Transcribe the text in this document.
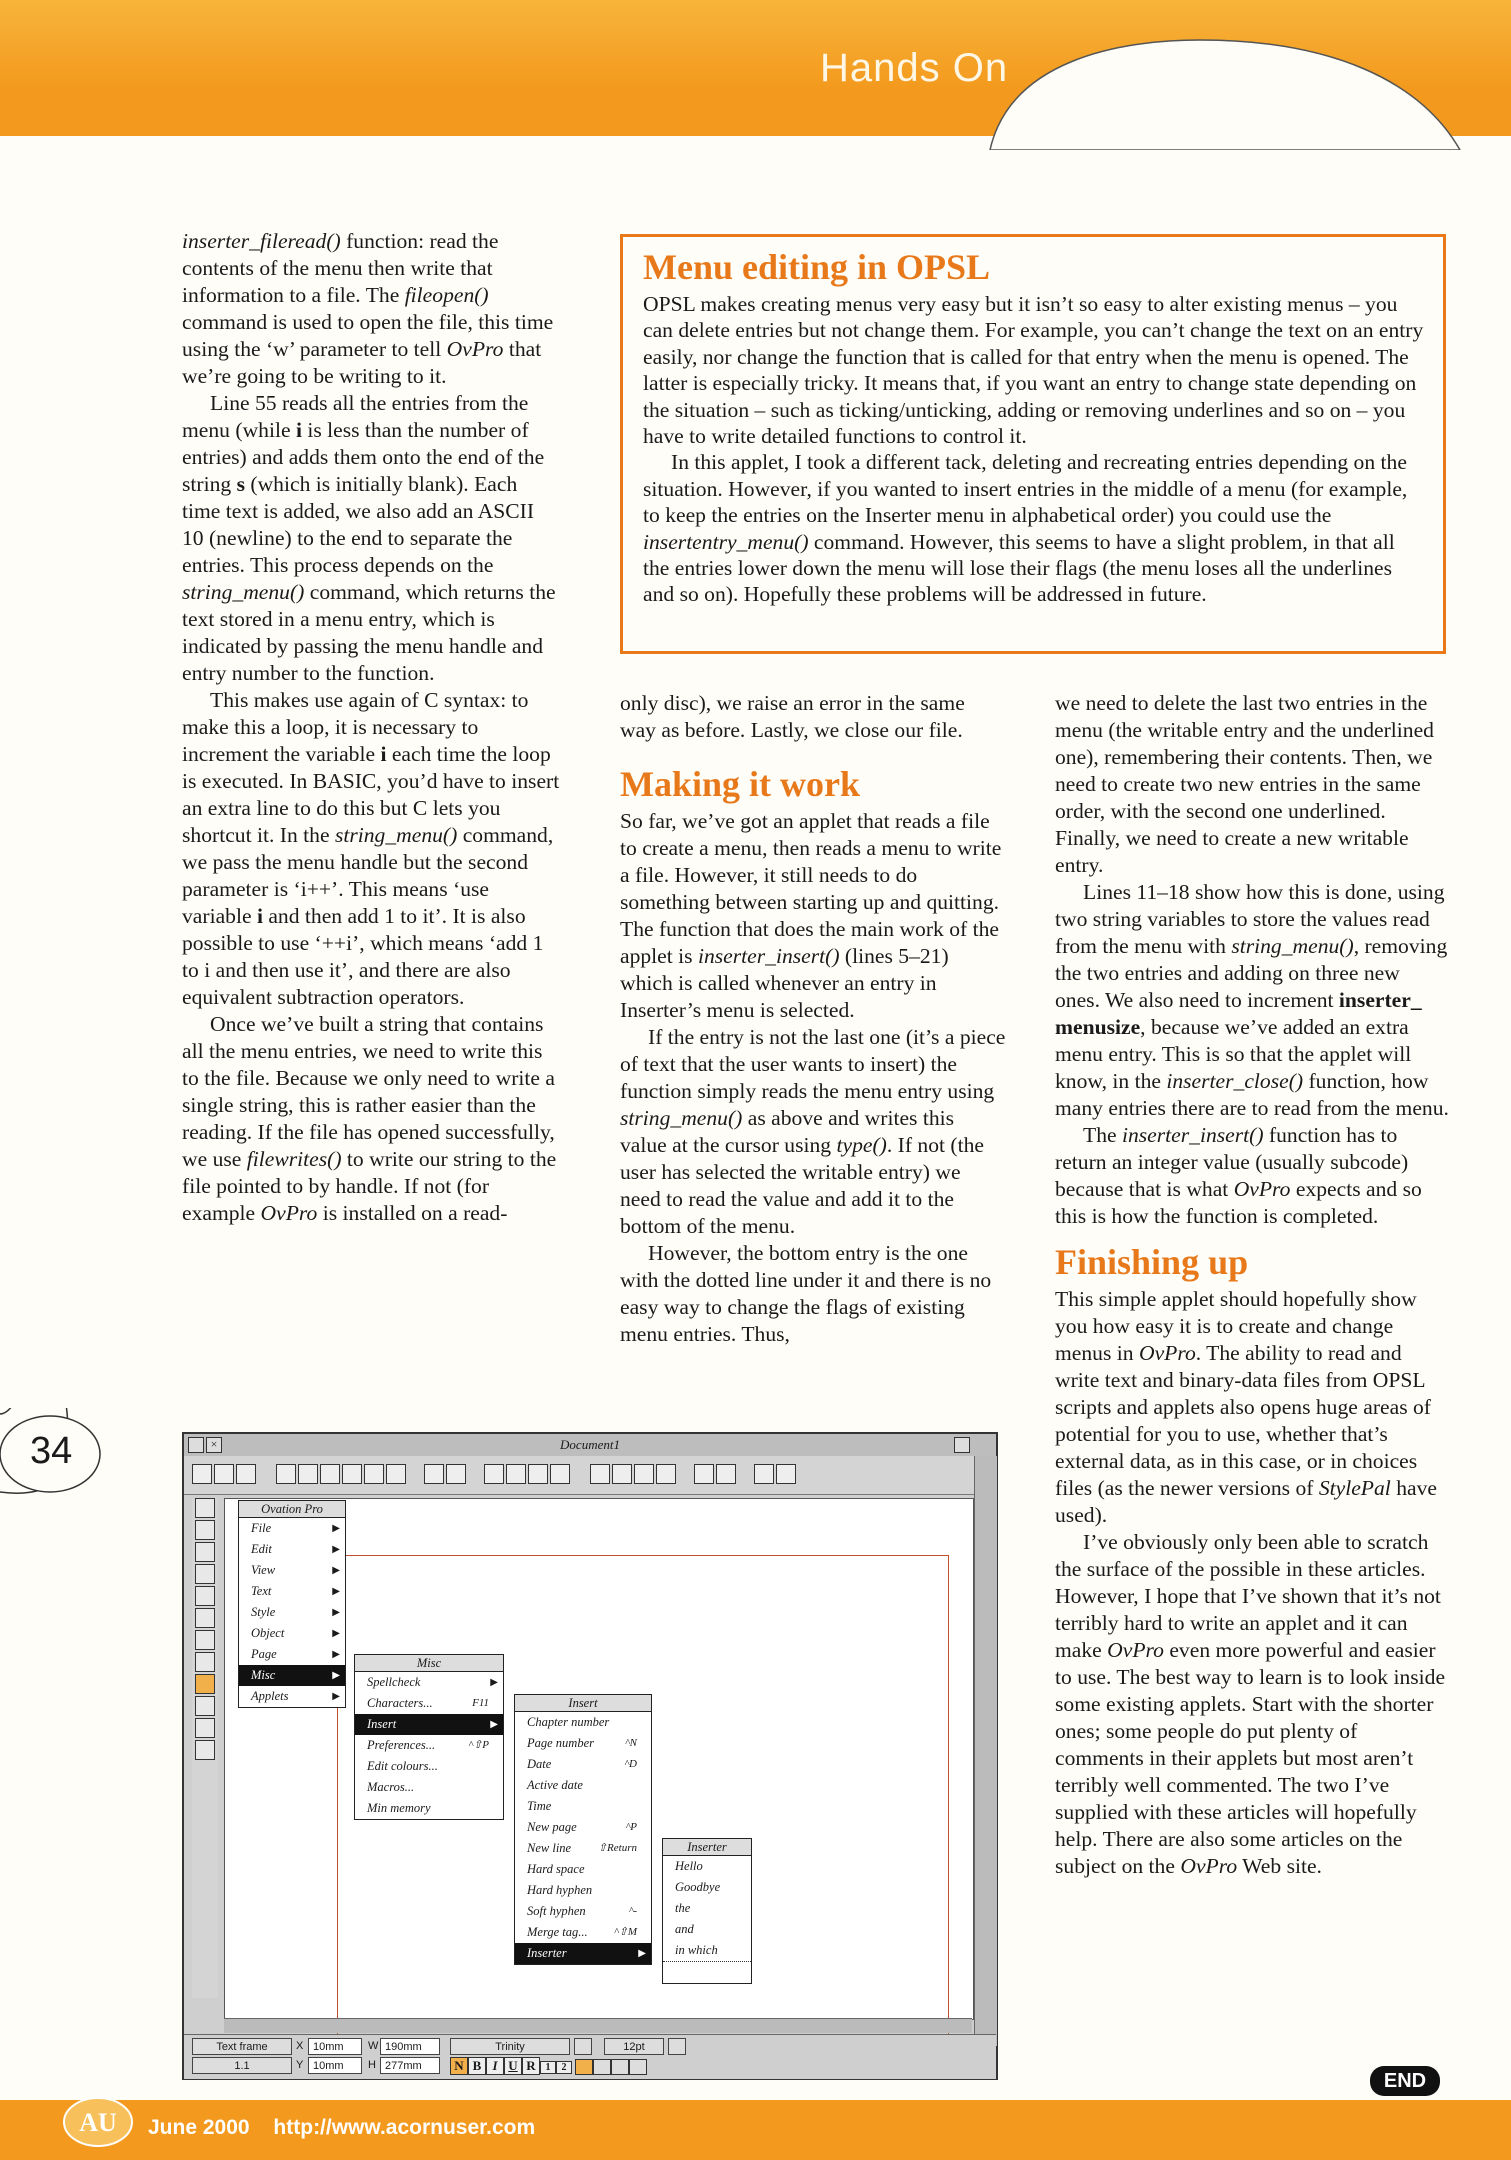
Hands On
34
Menu editing in OPSL

OPSL makes creating menus very easy but it isn’t so easy to alter existing menus – you can delete entries but not change them. For example, you can’t change the text on an entry easily, nor change the function that is called for that entry when the menu is opened. The latter is especially tricky. It means that, if you want an entry to change state depending on the situation – such as ticking/unticking, adding or removing underlines and so on – you have to write detailed functions to control it.

In this applet, I took a different tack, deleting and recreating entries depending on the situation. However, if you wanted to insert entries in the middle of a menu (for example, to keep the entries on the Inserter menu in alphabetical order) you could use the insertentry_menu() command. However, this seems to have a slight problem, in that all the entries lower down the menu will lose their flags (the menu loses all the underlines and so on). Hopefully these problems will be addressed in future.

inserter_fileread() function: read the contents of the menu then write that information to a file. The fileopen() command is used to open the file, this time using the ‘w’ parameter to tell OvPro that we’re going to be writing to it.

Line 55 reads all the entries from the menu (while i is less than the number of entries) and adds them onto the end of the string s (which is initially blank). Each time text is added, we also add an ASCII 10 (newline) to the end to separate the entries. This process depends on the string_menu() command, which returns the text stored in a menu entry, which is indicated by passing the menu handle and entry number to the function.

This makes use again of C syntax: to make this a loop, it is necessary to increment the variable i each time the loop is executed. In BASIC, you’d have to insert an extra line to do this but C lets you shortcut it. In the string_menu() command, we pass the menu handle but the second parameter is ‘i++’. This means ‘use variable i and then add 1 to it’. It is also possible to use ‘++i’, which means ‘add 1 to i and then use it’, and there are also equivalent subtraction operators.

Once we’ve built a string that contains all the menu entries, we need to write this to the file. Because we only need to write a single string, this is rather easier than the reading. If the file has opened successfully, we use filewrites() to write our string to the file pointed to by handle. If not (for example OvPro is installed on a read-

only disc), we raise an error in the same way as before. Lastly, we close our file.

Making it work

So far, we’ve got an applet that reads a file to create a menu, then reads a menu to write a file. However, it still needs to do something between starting up and quitting. The function that does the main work of the applet is inserter_insert() (lines 5–21) which is called whenever an entry in Inserter’s menu is selected.

If the entry is not the last one (it’s a piece of text that the user wants to insert) the function simply reads the menu entry using string_menu() as above and writes this value at the cursor using type(). If not (the user has selected the writable entry) we need to read the value and add it to the bottom of the menu.

However, the bottom entry is the one with the dotted line under it and there is no easy way to change the flags of existing menu entries. Thus,

we need to delete the last two entries in the menu (the writable entry and the underlined one), remembering their contents. Then, we need to create two new entries in the same order, with the second one underlined. Finally, we need to create a new writable entry.

Lines 11–18 show how this is done, using two string variables to store the values read from the menu with string_menu(), removing the two entries and adding on three new ones. We also need to increment inserter_ menusize, because we’ve added an extra menu entry. This is so that the applet will know, in the inserter_close() function, how many entries there are to read from the menu.

The inserter_insert() function has to return an integer value (usually subcode) because that is what OvPro expects and so this is how the function is completed.

Finishing up

This simple applet should hopefully show you how easy it is to create and change menus in OvPro. The ability to read and write text and binary-data files from OPSL scripts and applets also opens huge areas of potential for you to use, whether that’s external data, as in this case, or in choices files (as the newer versions of StylePal have used).

I’ve obviously only been able to scratch the surface of the possible in these articles. However, I hope that I’ve shown that it’s not terribly hard to write an applet and it can make OvPro even more powerful and easier to use. The best way to learn is to look inside some existing applets. Start with the shorter ones; some people do put plenty of comments in their applets but most aren’t terribly well commented. The two I’ve supplied with these articles will hopefully help. There are also some articles on the subject on the OvPro Web site.

END
Document1
×
Ovation Pro
File	▶
Edit	▶
View	▶
Text	▶
Style	▶
Object	▶
Page	▶
Misc	▶
Applets	▶
Misc
Spellcheck	▶
Characters...	F11
Insert	▶
Preferences...	^⇧P
Edit colours...
Macros...
Min memory
Insert
Chapter number
Page number	^N
Date	^D
Active date
Time
New page	^P
New line ⇧Return
Hard space
Hard hyphen
Soft hyphen	^-
Merge tag... ^⇧M
Inserter	▶
Inserter
Hello
Goodbye
the
and
in which
Text frame
1.1
X 10mm
Y 10mm
W 190mm
H 277mm
Trinity	12pt
N B I U R 1 2
AU June 2000 http://www.acornuser.com
